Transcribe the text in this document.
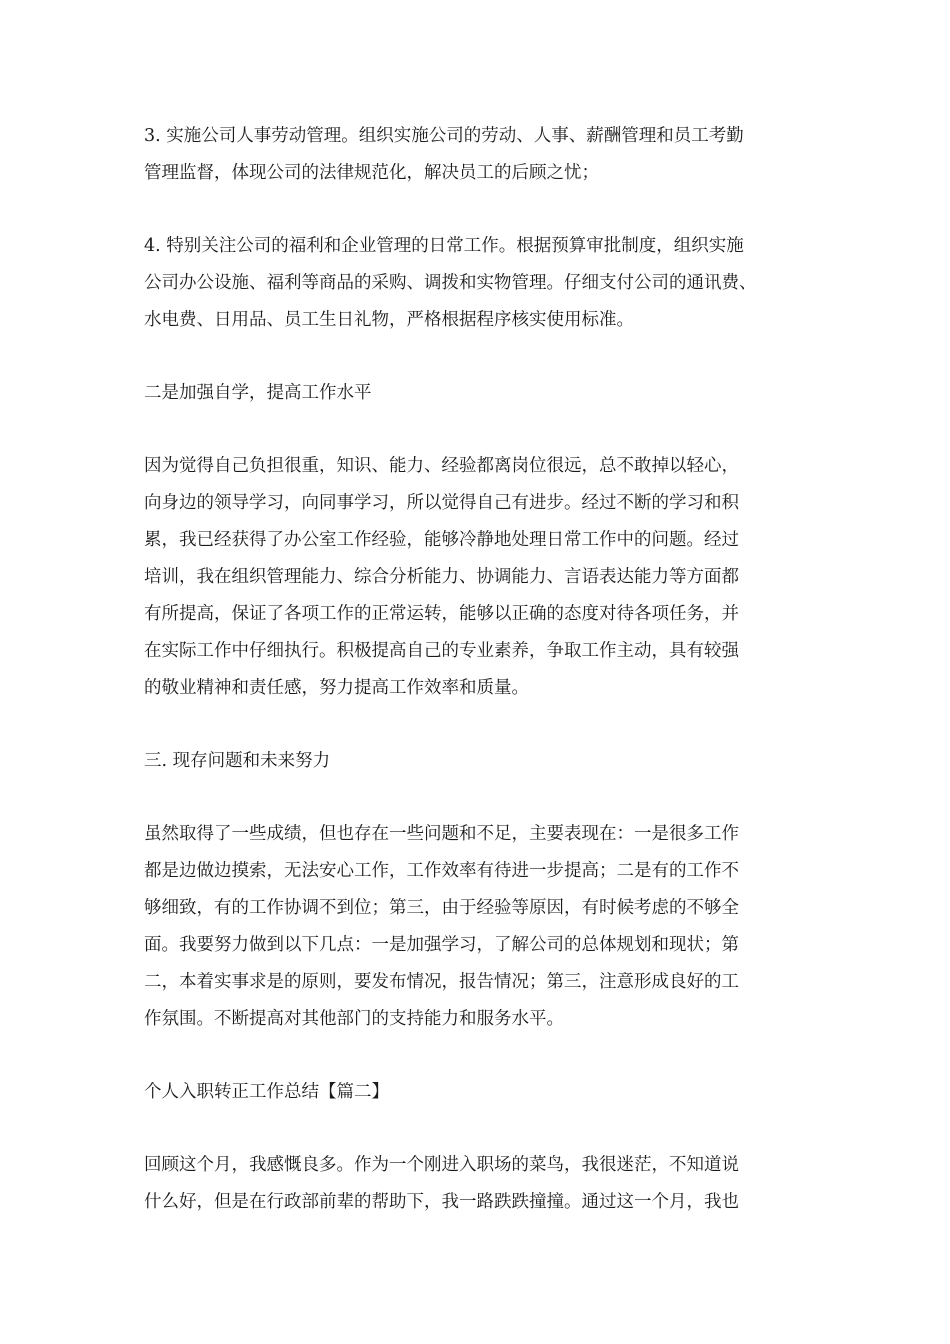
3. 实施公司人事劳动管理。组织实施公司的劳动、人事、薪酬管理和员工考勤
管理监督，体现公司的法律规范化，解决员工的后顾之忧；

4. 特别关注公司的福利和企业管理的日常工作。根据预算审批制度，组织实施
公司办公设施、福利等商品的采购、调拨和实物管理。仔细支付公司的通讯费、
水电费、日用品、员工生日礼物，严格根据程序核实使用标准。

二是加强自学，提高工作水平

因为觉得自己负担很重，知识、能力、经验都离岗位很远，总不敢掉以轻心，
向身边的领导学习，向同事学习，所以觉得自己有进步。经过不断的学习和积
累，我已经获得了办公室工作经验，能够冷静地处理日常工作中的问题。经过
培训，我在组织管理能力、综合分析能力、协调能力、言语表达能力等方面都
有所提高，保证了各项工作的正常运转，能够以正确的态度对待各项任务，并
在实际工作中仔细执行。积极提高自己的专业素养，争取工作主动，具有较强
的敬业精神和责任感，努力提高工作效率和质量。

三. 现存问题和未来努力

虽然取得了一些成绩，但也存在一些问题和不足，主要表现在：一是很多工作
都是边做边摸索，无法安心工作，工作效率有待进一步提高；二是有的工作不
够细致，有的工作协调不到位；第三，由于经验等原因，有时候考虑的不够全
面。我要努力做到以下几点：一是加强学习，了解公司的总体规划和现状；第
二，本着实事求是的原则，要发布情况，报告情况；第三，注意形成良好的工
作氛围。不断提高对其他部门的支持能力和服务水平。

个人入职转正工作总结【篇二】

回顾这个月，我感慨良多。作为一个刚进入职场的菜鸟，我很迷茫，不知道说
什么好，但是在行政部前辈的帮助下，我一路跌跌撞撞。通过这一个月，我也
